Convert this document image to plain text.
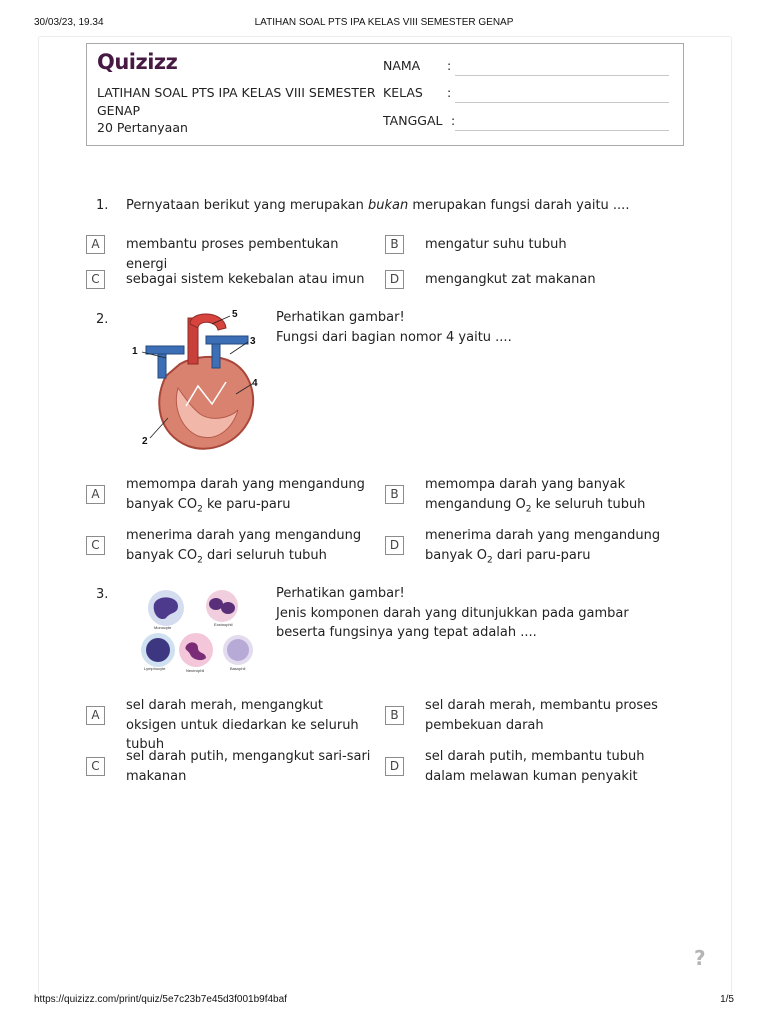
30/03/23, 19.34	LATIHAN SOAL PTS IPA KELAS VIII SEMESTER GENAP
Quizizz
LATIHAN SOAL PTS IPA KELAS VIII SEMESTER GENAP
20 Pertanyaan
NAMA :
KELAS :
TANGGAL :
1. Pernyataan berikut yang merupakan bukan merupakan fungsi darah yaitu ....
A	membantu proses pembentukan energi
B	mengatur suhu tubuh
C	sebagai sistem kekebalan atau imun	D	mengangkut zat makanan
2.
1
2
3
4
5	Perhatikan gambar!
Fungsi dari bagian nomor 4 yaitu ....
A
memompa darah yang mengandung banyak $CO_2$ ke paru-paru
B
memompa darah yang banyak mengandung $O_2$ ke seluruh tubuh
C
menerima darah yang mengandung banyak $CO_2$ dari seluruh tubuh
D
menerima darah yang mengandung banyak $O_2$ dari paru-paru
3.
Monocyte
Eosinophil
Lymphocyte	Neutrophil	Basophil
Perhatikan gambar!
Jenis komponen darah yang ditunjukkan pada gambar beserta fungsinya yang tepat adalah ....
A
sel darah merah, mengangkut oksigen untuk diedarkan ke seluruh tubuh
B
sel darah merah, membantu proses pembekuan darah
C
sel darah putih, mengangkut sari-sari makanan
D
sel darah putih, membantu tubuh dalam melawan kuman penyakit
?
https://quizizz.com/print/quiz/5e7c23b7e45d3f001b9f4baf	1/5
